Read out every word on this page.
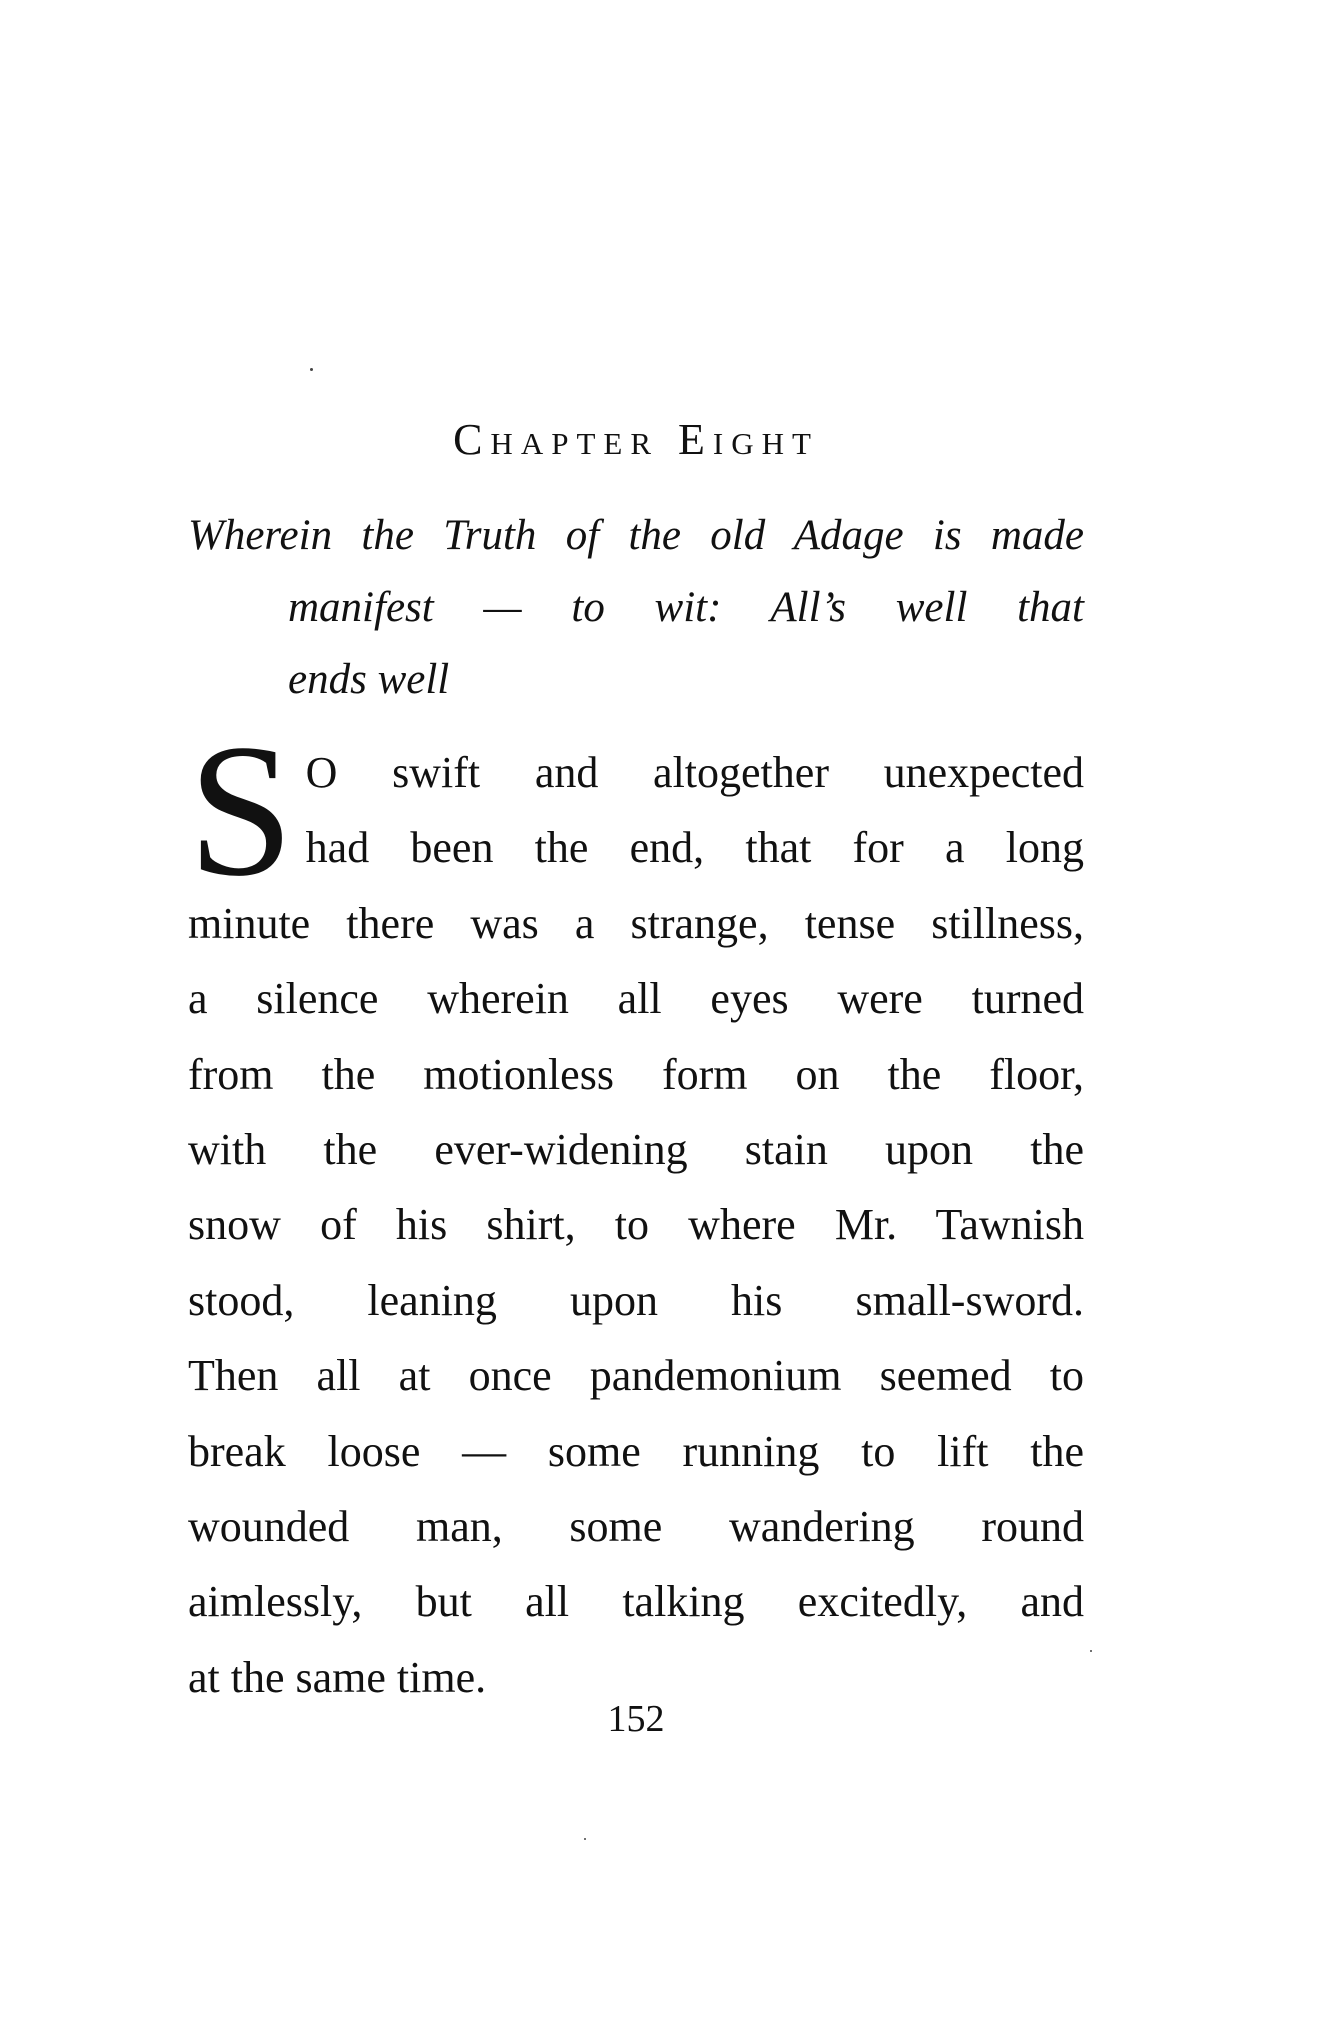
Chapter Eight
Wherein the Truth of the old Adage is made
manifest — to wit: All’s well that
ends well
S O swift and altogether unexpected
had been the end, that for a long
minute there was a strange, tense stillness,
a silence wherein all eyes were turned
from the motionless form on the floor,
with the ever-widening stain upon the
snow of his shirt, to where Mr. Tawnish
stood, leaning upon his small-sword.
Then all at once pandemonium seemed to
break loose — some running to lift the
wounded man, some wandering round
aimlessly, but all talking excitedly, and
at the same time.
152
